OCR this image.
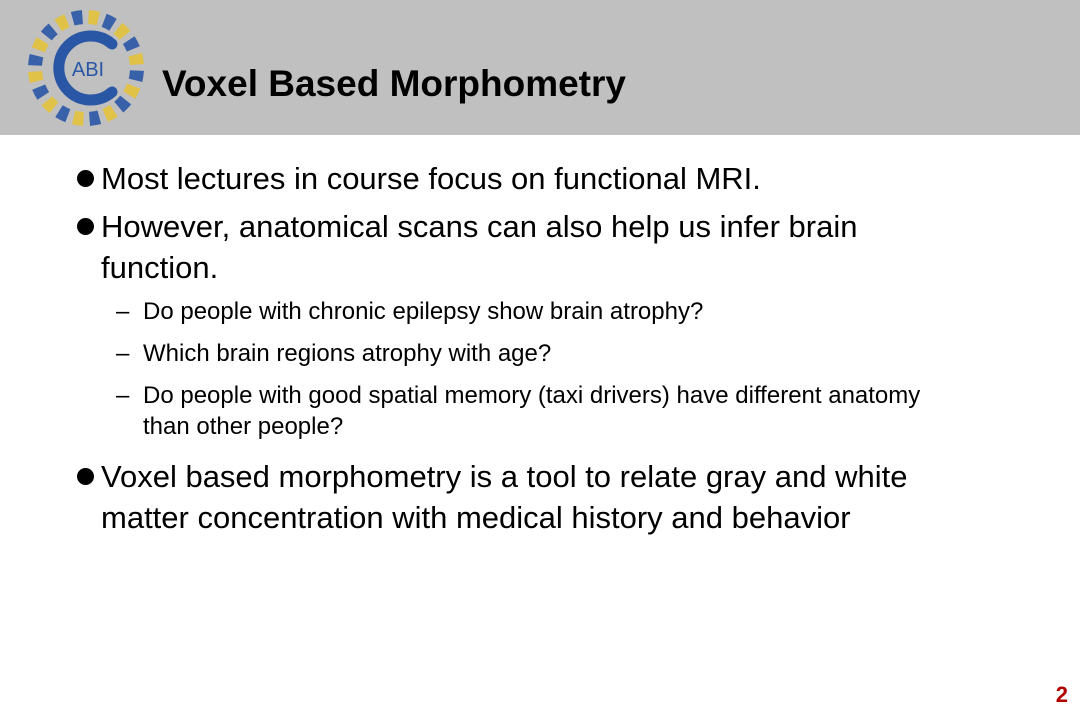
ABI Voxel Based Morphometry
Most lectures in course focus on functional MRI.
However, anatomical scans can also help us infer brain function.
– Do people with chronic epilepsy show brain atrophy?
– Which brain regions atrophy with age?
– Do people with good spatial memory (taxi drivers) have different anatomy than other people?
Voxel based morphometry is a tool to relate gray and white matter concentration with medical history and behavior
2
